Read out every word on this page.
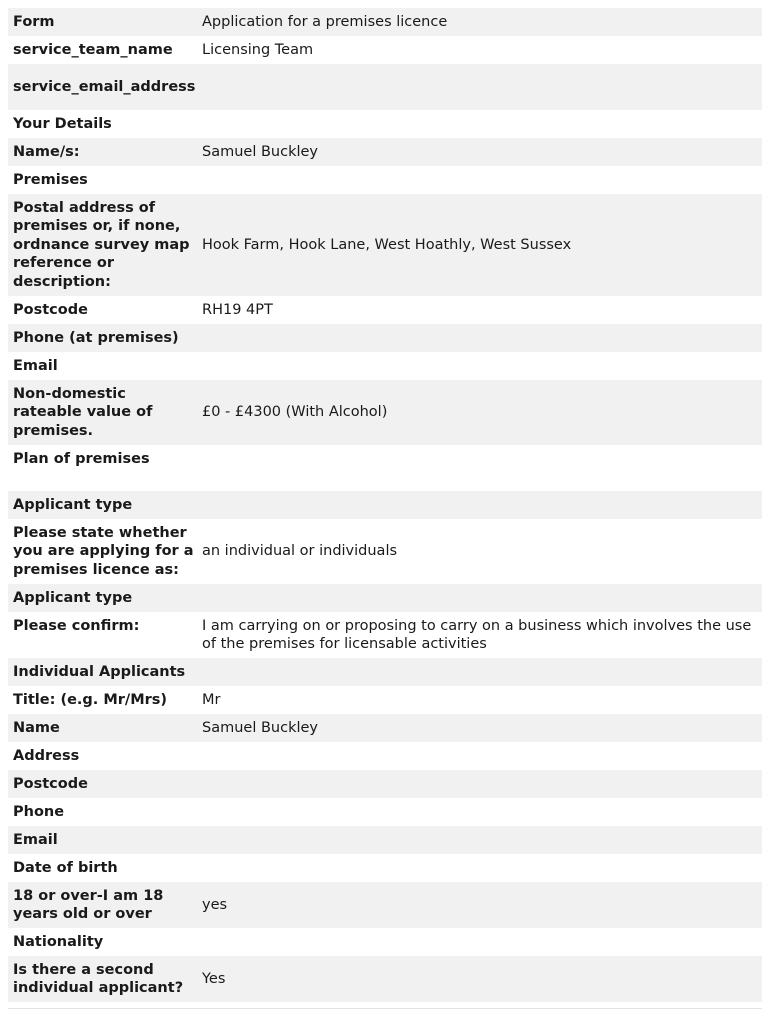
Form	Application for a premises licence
service_team_name	Licensing Team
service_email_address	
Your Details	
Name/s:	Samuel Buckley
Premises	
Postal address of premises or, if none, ordnance survey map reference or description:	Hook Farm, Hook Lane, West Hoathly, West Sussex
Postcode	RH19 4PT
Phone (at premises)	
Email	
Non-domestic rateable value of premises.	£0 - £4300 (With Alcohol)
Plan of premises	
Applicant type	
Please state whether you are applying for a premises licence as:	an individual or individuals
Applicant type	
Please confirm:	I am carrying on or proposing to carry on a business which involves the use of the premises for licensable activities
Individual Applicants	
Title: (e.g. Mr/Mrs)	Mr
Name	Samuel Buckley
Address	
Postcode	
Phone	
Email	
Date of birth	
18 or over-I am 18 years old or over	yes
Nationality	
Is there a second individual applicant?	Yes
